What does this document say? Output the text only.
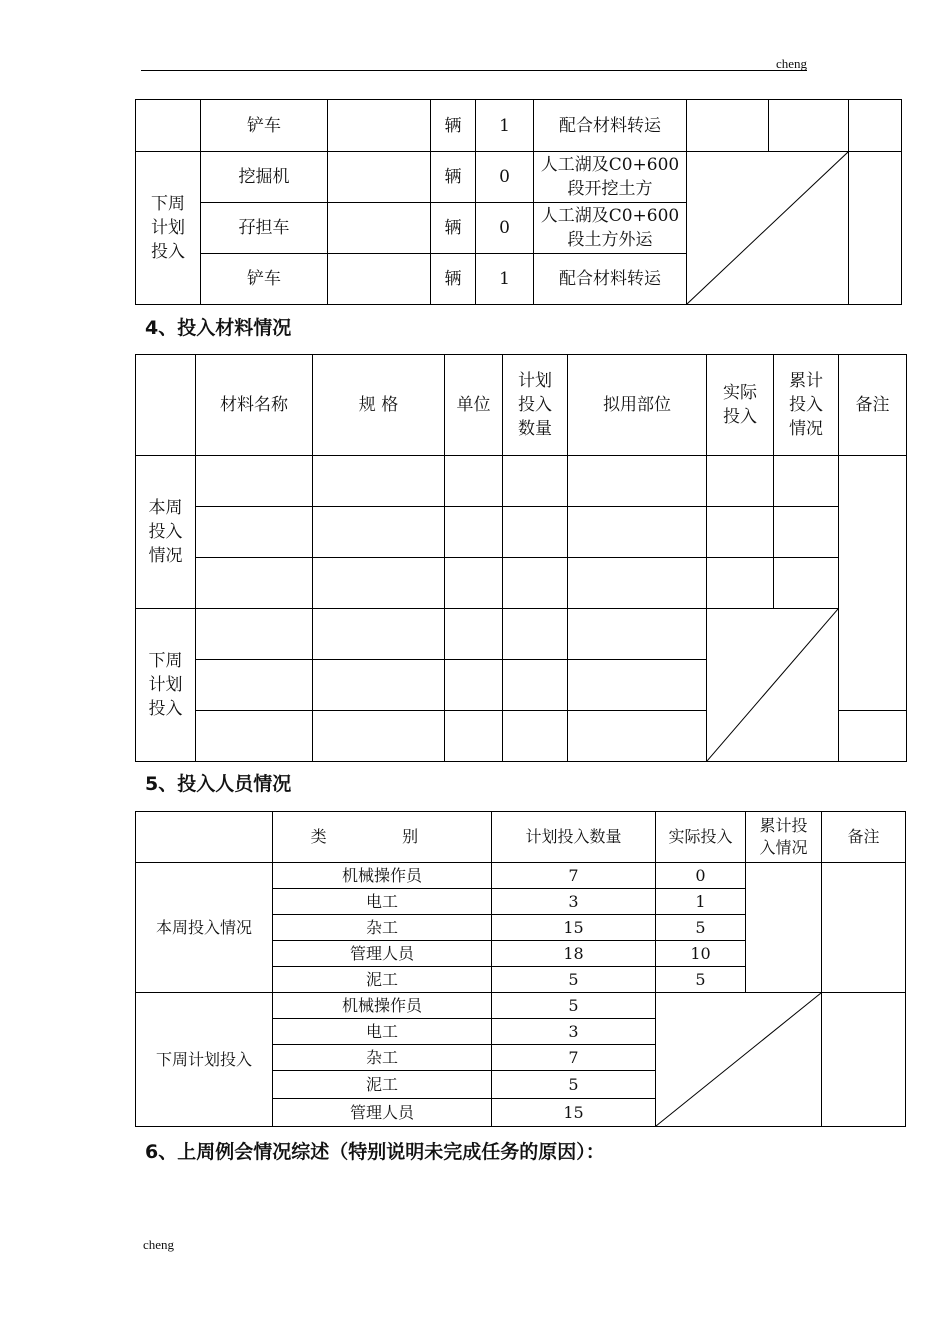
cheng
	铲车		辆	1	配合材料转运			

下周计划投入	挖掘机		辆	0	人工湖及C0+600段开挖土方

	孖担车		辆	0	人工湖及C0+600段土方外运			

	铲车		辆	1	配合材料转运			
4、投入材料情况
	材料名称	规 格	单位	计划投入数量	拟用部位	实际投入	累计投入情况	备注

本周投入情况								

下周计划投入

5、投入人员情况
	类 别	计划投入数量	实际投入	累计投入情况	备注
本周投入情况	机械操作员	7	0		
	电工	3	1		
	杂工	15	5		
	管理人员	18	10		
	泥工	5	5		
下周计划投入	机械操作员	5	

	电工	3			
	杂工	7			
	泥工	5			
	管理人员	15			
6、上周例会情况综述（特别说明未完成任务的原因）：
cheng
